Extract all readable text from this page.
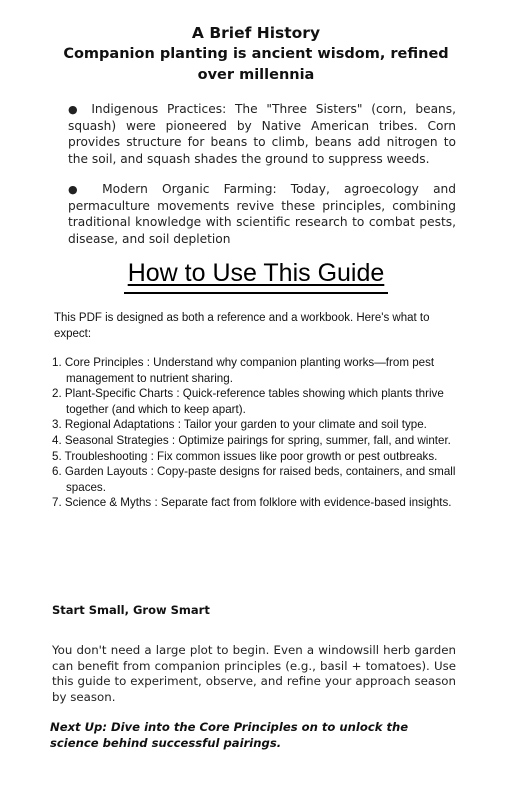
A Brief History
Companion planting is ancient wisdom, refined over millennia

● Indigenous Practices: The "Three Sisters" (corn, beans, squash) were pioneered by Native American tribes. Corn provides structure for beans to climb, beans add nitrogen to the soil, and squash shades the ground to suppress weeds.

● Modern Organic Farming: Today, agroecology and permaculture movements revive these principles, combining traditional knowledge with scientific research to combat pests, disease, and soil depletion

How to Use This Guide

This PDF is designed as both a reference and a workbook. Here's what to expect:

1. Core Principles : Understand why companion planting works—from pest management to nutrient sharing.
2. Plant-Specific Charts : Quick-reference tables showing which plants thrive together (and which to keep apart).
3. Regional Adaptations : Tailor your garden to your climate and soil type.
4. Seasonal Strategies : Optimize pairings for spring, summer, fall, and winter.
5. Troubleshooting : Fix common issues like poor growth or pest outbreaks.
6. Garden Layouts : Copy-paste designs for raised beds, containers, and small spaces.
7. Science & Myths : Separate fact from folklore with evidence-based insights.
Start Small, Grow Smart

You don't need a large plot to begin. Even a windowsill herb garden can benefit from companion principles (e.g., basil + tomatoes). Use this guide to experiment, observe, and refine your approach season by season.

Next Up: Dive into the Core Principles on to unlock the science behind successful pairings.
